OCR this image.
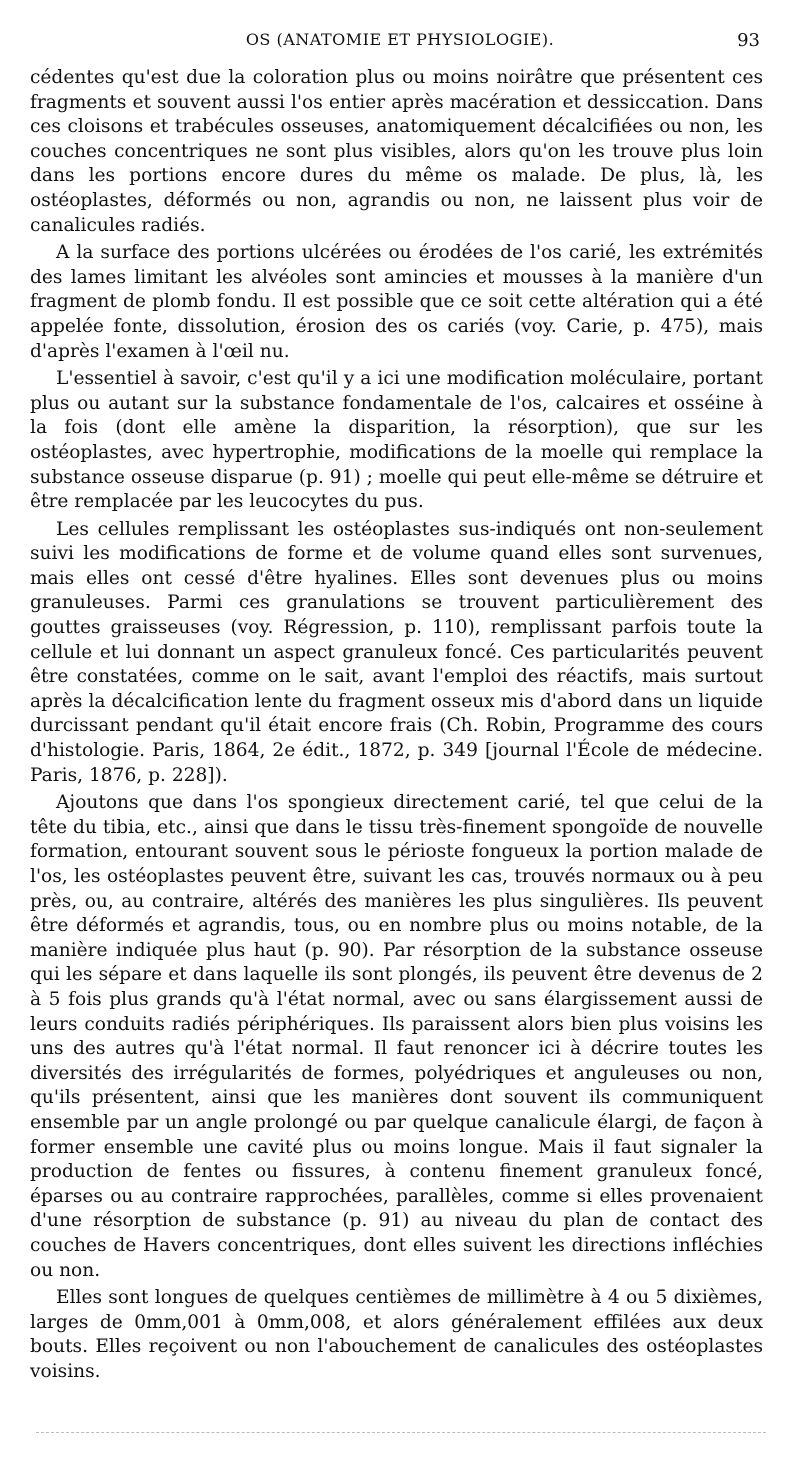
OS (ANATOMIE ET PHYSIOLOGIE).	93

cédentes qu'est due la coloration plus ou moins noirâtre que présentent ces fragments et souvent aussi l'os entier après macération et dessiccation. Dans ces cloisons et trabécules osseuses, anatomiquement décalcifiées ou non, les couches concentriques ne sont plus visibles, alors qu'on les trouve plus loin dans les portions encore dures du même os malade. De plus, là, les ostéoplastes, déformés ou non, agrandis ou non, ne laissent plus voir de canalicules radiés.

A la surface des portions ulcérées ou érodées de l'os carié, les extrémités des lames limitant les alvéoles sont amincies et mousses à la manière d'un fragment de plomb fondu. Il est possible que ce soit cette altération qui a été appelée fonte, dissolution, érosion des os cariés (voy. Carie, p. 475), mais d'après l'examen à l'œil nu.

L'essentiel à savoir, c'est qu'il y a ici une modification moléculaire, portant plus ou autant sur la substance fondamentale de l'os, calcaires et osséine à la fois (dont elle amène la disparition, la résorption), que sur les ostéoplastes, avec hypertrophie, modifications de la moelle qui remplace la substance osseuse disparue (p. 91) ; moelle qui peut elle-même se détruire et être remplacée par les leucocytes du pus.

Les cellules remplissant les ostéoplastes sus-indiqués ont non-seulement suivi les modifications de forme et de volume quand elles sont survenues, mais elles ont cessé d'être hyalines. Elles sont devenues plus ou moins granuleuses. Parmi ces granulations se trouvent particulièrement des gouttes graisseuses (voy. Régression, p. 110), remplissant parfois toute la cellule et lui donnant un aspect granuleux foncé. Ces particularités peuvent être constatées, comme on le sait, avant l'emploi des réactifs, mais surtout après la décalcification lente du fragment osseux mis d'abord dans un liquide durcissant pendant qu'il était encore frais (Ch. Robin, Programme des cours d'histologie. Paris, 1864, 2e édit., 1872, p. 349 [journal l'École de médecine. Paris, 1876, p. 228]).

Ajoutons que dans l'os spongieux directement carié, tel que celui de la tête du tibia, etc., ainsi que dans le tissu très-finement spongoïde de nouvelle formation, entourant souvent sous le périoste fongueux la portion malade de l'os, les ostéoplastes peuvent être, suivant les cas, trouvés normaux ou à peu près, ou, au contraire, altérés des manières les plus singulières. Ils peuvent être déformés et agrandis, tous, ou en nombre plus ou moins notable, de la manière indiquée plus haut (p. 90). Par résorption de la substance osseuse qui les sépare et dans laquelle ils sont plongés, ils peuvent être devenus de 2 à 5 fois plus grands qu'à l'état normal, avec ou sans élargissement aussi de leurs conduits radiés périphériques. Ils paraissent alors bien plus voisins les uns des autres qu'à l'état normal. Il faut renoncer ici à décrire toutes les diversités des irrégularités de formes, polyédriques et anguleuses ou non, qu'ils présentent, ainsi que les manières dont souvent ils communiquent ensemble par un angle prolongé ou par quelque canalicule élargi, de façon à former ensemble une cavité plus ou moins longue. Mais il faut signaler la production de fentes ou fissures, à contenu finement granuleux foncé, éparses ou au contraire rapprochées, parallèles, comme si elles provenaient d'une résorption de substance (p. 91) au niveau du plan de contact des couches de Havers concentriques, dont elles suivent les directions infléchies ou non.

Elles sont longues de quelques centièmes de millimètre à 4 ou 5 dixièmes, larges de 0mm,001 à 0mm,008, et alors généralement effilées aux deux bouts. Elles reçoivent ou non l'abouchement de canalicules des ostéoplastes voisins.
